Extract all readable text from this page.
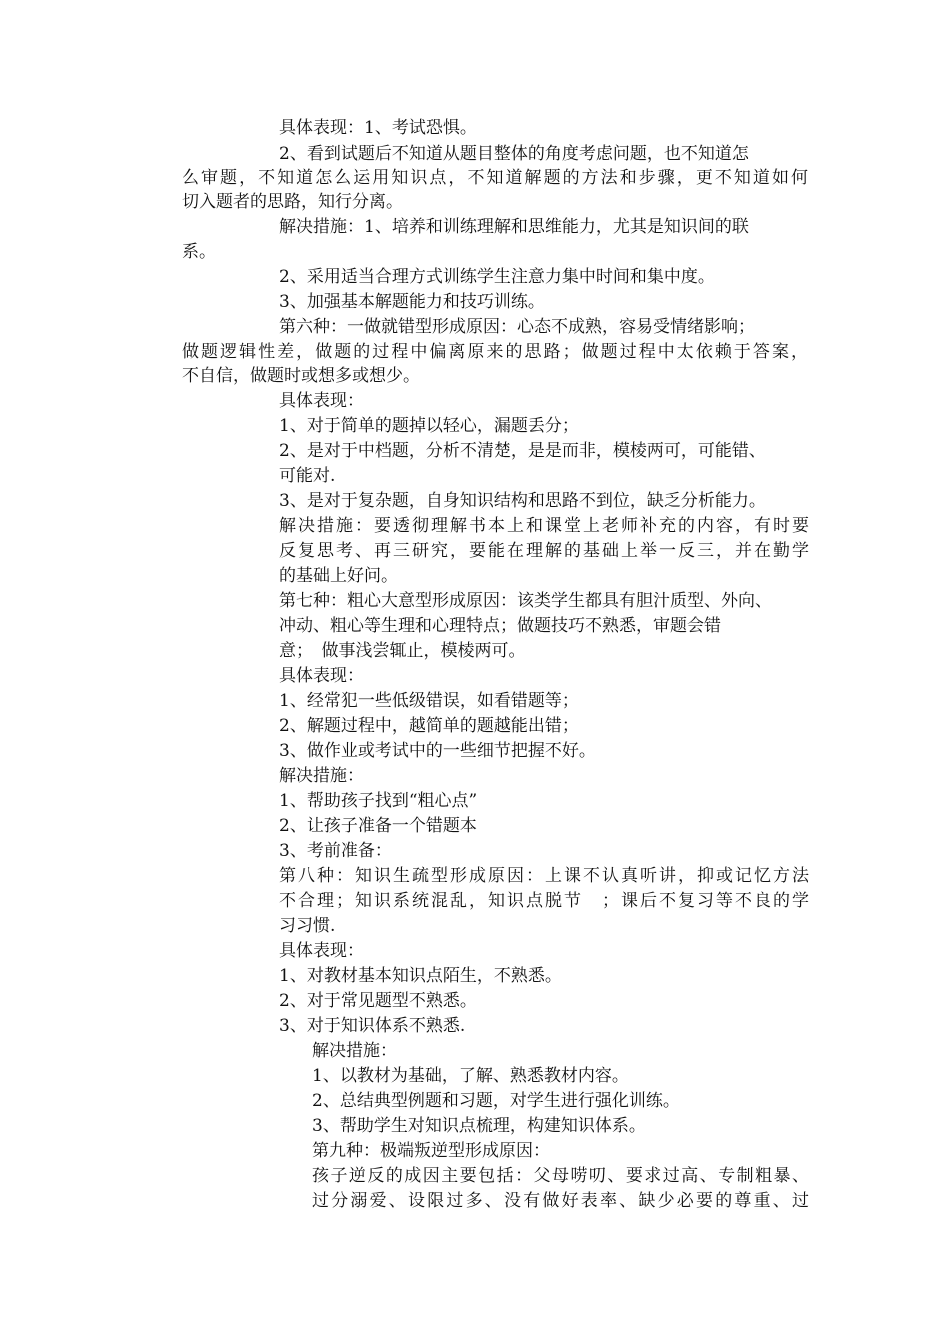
具体表现：1、考试恐惧。
2、看到试题后不知道从题目整体的角度考虑问题，也不知道怎
么审题，不知道怎么运用知识点，不知道解题的方法和步骤，更不知道如何
切入题者的思路，知行分离。
解决措施：1、培养和训练理解和思维能力，尤其是知识间的联
系。
2、采用适当合理方式训练学生注意力集中时间和集中度。
3、加强基本解题能力和技巧训练。
第六种：一做就错型形成原因：心态不成熟，容易受情绪影响；
做题逻辑性差，做题的过程中偏离原来的思路；做题过程中太依赖于答案，
不自信，做题时或想多或想少。
具体表现：
1、对于简单的题掉以轻心，漏题丢分；
2、是对于中档题，分析不清楚，是是而非，模棱两可，可能错、
可能对.
3、是对于复杂题，自身知识结构和思路不到位，缺乏分析能力。
解决措施：要透彻理解书本上和课堂上老师补充的内容，有时要
反复思考、再三研究，要能在理解的基础上举一反三，并在勤学
的基础上好问。
第七种：粗心大意型形成原因：该类学生都具有胆汁质型、外向、
冲动、粗心等生理和心理特点；做题技巧不熟悉，审题会错
意；　做事浅尝辄止，模棱两可。
具体表现：
1、经常犯一些低级错误，如看错题等；
2、解题过程中，越简单的题越能出错；
3、做作业或考试中的一些细节把握不好。
解决措施：
1、帮助孩子找到“粗心点”
2、让孩子准备一个错题本
3、考前准备：
第八种：知识生疏型形成原因：上课不认真听讲，抑或记忆方法
不合理；知识系统混乱，知识点脱节　；课后不复习等不良的学
习习惯.
具体表现：
1、对教材基本知识点陌生，不熟悉。
2、对于常见题型不熟悉。
3、对于知识体系不熟悉.
解决措施：
1、以教材为基础，了解、熟悉教材内容。
2、总结典型例题和习题，对学生进行强化训练。
3、帮助学生对知识点梳理，构建知识体系。
第九种：极端叛逆型形成原因：
孩子逆反的成因主要包括：父母唠叨、要求过高、专制粗暴、
过分溺爱、设限过多、没有做好表率、缺少必要的尊重、过
